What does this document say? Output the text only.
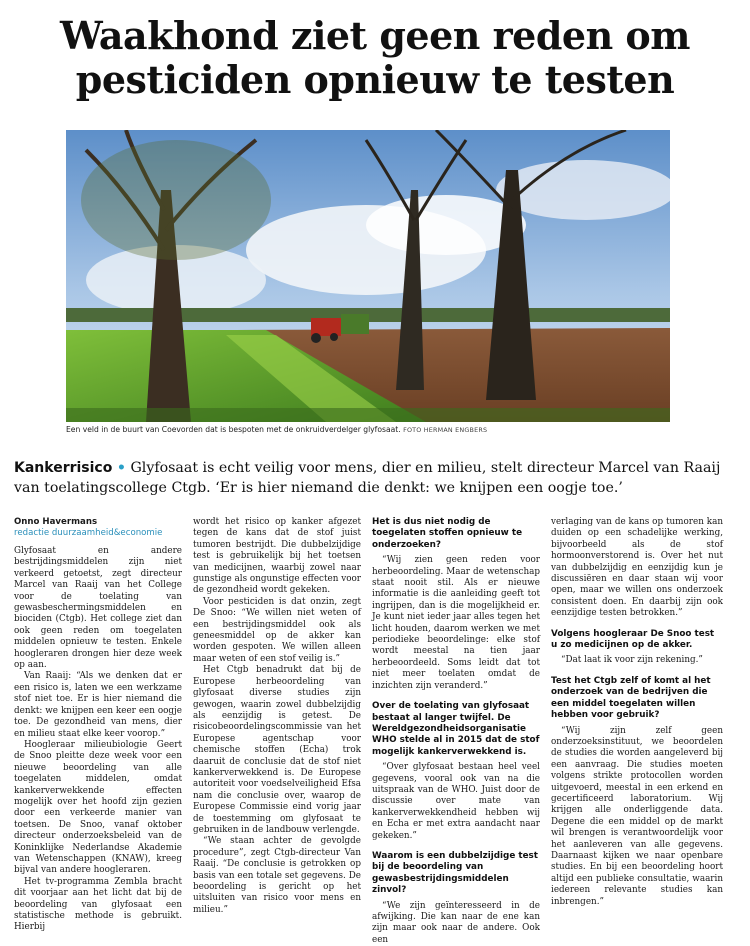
Waakhond ziet geen reden om
pesticiden opnieuw te testen
Een veld in de buurt van Coevorden dat is bespoten met de onkruidverdelger glyfosaat. FOTO HERMAN ENGBERS
Kankerrisico • Glyfosaat is echt veilig voor mens, dier en milieu, stelt directeur Marcel van Raaij van toelatingscollege Ctgb. ‘Er is hier niemand die denkt: we knijpen een oogje toe.’
Onno Havermans
redactie duurzaamheid&economie

Glyfosaat en andere bestrijdingsmiddelen zijn niet verkeerd getoetst, zegt directeur Marcel van Raaij van het College voor de toelating van gewasbeschermingsmiddelen en biociden (Ctgb). Het college ziet dan ook geen reden om toegelaten middelen opnieuw te testen. Enkele hoogleraren drongen hier deze week op aan.

Van Raaij: “Als we denken dat er een risico is, laten we een werkzame stof niet toe. Er is hier niemand die denkt: we knijpen een keer een oogje toe. De gezondheid van mens, dier en milieu staat elke keer voorop.”

Hoogleraar milieubiologie Geert de Snoo pleitte deze week voor een nieuwe beoordeling van alle toegelaten middelen, omdat kankerverwekkende effecten mogelijk over het hoofd zijn gezien door een verkeerde manier van toetsen. De Snoo, vanaf oktober directeur onderzoeksbeleid van de Koninklijke Nederlandse Akademie van Wetenschappen (KNAW), kreeg bijval van andere hoogleraren.

Het tv-programma Zembla bracht dit voorjaar aan het licht dat bij de beoordeling van glyfosaat een statistische methode is gebruikt. Hierbij

wordt het risico op kanker afgezet tegen de kans dat de stof juist tumoren bestrijdt. Die dubbelzijdige test is gebruikelijk bij het toetsen van medicijnen, waarbij zowel naar gunstige als ongunstige effecten voor de gezondheid wordt gekeken.

Voor pesticiden is dat onzin, zegt De Snoo: “We willen niet weten of een bestrijdingsmiddel ook als geneesmiddel op de akker kan worden gespoten. We willen alleen maar weten of een stof veilig is.”

Het Ctgb benadrukt dat bij de Europese herbeoordeling van glyfosaat diverse studies zijn gewogen, waarin zowel dubbelzijdig als eenzijdig is getest. De risicobeoordelingscommissie van het Europese agentschap voor chemische stoffen (Echa) trok daaruit de conclusie dat de stof niet kankerverwekkend is. De Europese autoriteit voor voedselveiligheid Efsa nam die conclusie over, waarop de Europese Commissie eind vorig jaar de toestemming om glyfosaat te gebruiken in de landbouw verlengde.

“We staan achter de gevolgde procedure”, zegt Ctgb-directeur Van Raaij. “De conclusie is getrokken op basis van een totale set gegevens. De beoordeling is gericht op het uitsluiten van risico voor mens en milieu.”

Het is dus niet nodig de toegelaten stoffen opnieuw te onderzoeken?

“Wij zien geen reden voor herbeoordeling. Maar de wetenschap staat nooit stil. Als er nieuwe informatie is die aanleiding geeft tot ingrijpen, dan is die mogelijkheid er. Je kunt niet ieder jaar alles tegen het licht houden, daarom werken we met periodieke beoordelinge: elke stof wordt meestal na tien jaar herbeoordeeld. Soms leidt dat tot niet meer toelaten omdat de inzichten zijn veranderd.”

Over de toelating van glyfosaat bestaat al langer twijfel. De Wereldgezondheidsorganisatie WHO stelde al in 2015 dat de stof mogelijk kankerverwekkend is.

“Over glyfosaat bestaan heel veel gegevens, vooral ook van na die uitspraak van de WHO. Juist door de discussie over mate van kankerverwekkendheid hebben wij en Echa er met extra aandacht naar gekeken.”

Waarom is een dubbelzijdige test bij de beoordeling van gewasbestrijdingsmiddelen zinvol?

“We zijn geïnteresseerd in de afwijking. Die kan naar de ene kan zijn maar ook naar de andere. Ook een

verlaging van de kans op tumoren kan duiden op een schadelijke werking, bijvoorbeeld als de stof hormoonverstorend is. Over het nut van dubbelzijdig en eenzijdig kun je discussiëren en daar staan wij voor open, maar we willen ons onderzoek consistent doen. En daarbij zijn ook eenzijdige testen betrokken.”

Volgens hoogleraar De Snoo test u zo medicijnen op de akker.

“Dat laat ik voor zijn rekening.”

Test het Ctgb zelf of komt al het onderzoek van de bedrijven die een middel toegelaten willen hebben voor gebruik?

“Wij zijn zelf geen onderzoeksinstituut, we beoordelen de studies die worden aangeleverd bij een aanvraag. Die studies moeten volgens strikte protocollen worden uitgevoerd, meestal in een erkend en gecertificeerd laboratorium. Wij krijgen alle onderliggende data. Degene die een middel op de markt wil brengen is verantwoordelijk voor het aanleveren van alle gegevens. Daarnaast kijken we naar openbare studies. En bij een beoordeling hoort altijd een publieke consultatie, waarin iedereen relevante studies kan inbrengen.”
